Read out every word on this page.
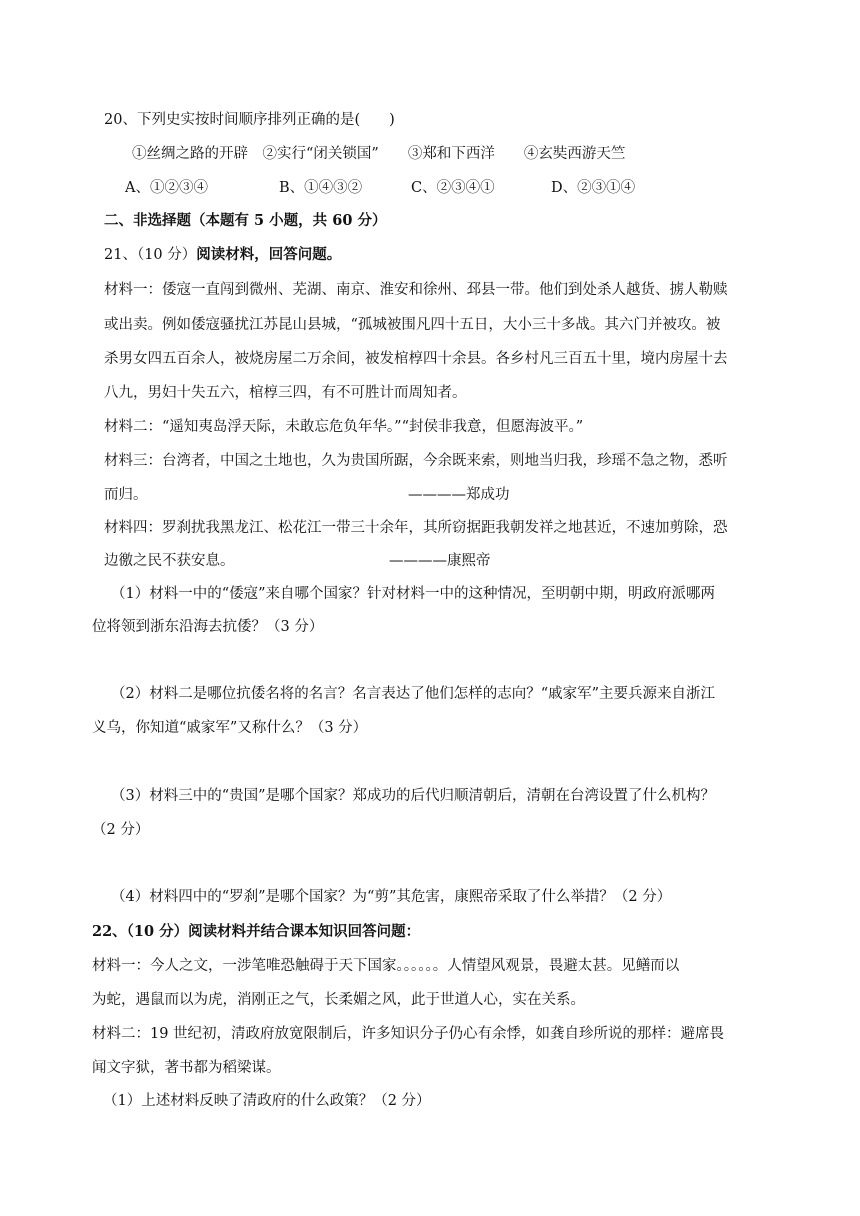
20、下列史实按时间顺序排列正确的是(　　)
①丝绸之路的开辟　②实行“闭关锁国”　　③郑和下西洋　　④玄奘西游天竺
A、①②③④	B、①④③②	C、②③④①	D、②③①④
二、非选择题（本题有 5 小题，共 60 分）
21、（10 分）阅读材料，回答问题。
材料一：倭寇一直闯到微州、芜湖、南京、淮安和徐州、邳县一带。他们到处杀人越货、掳人勒赎
或出卖。例如倭寇骚扰江苏昆山县城，“孤城被围凡四十五日，大小三十多战。其六门并被攻。被
杀男女四五百余人，被烧房屋二万余间，被发棺椁四十余县。各乡村凡三百五十里，境内房屋十去
八九，男妇十失五六，棺椁三四，有不可胜计而周知者。
材料二：“遥知夷岛浮天际，未敢忘危负年华。”“封侯非我意，但愿海波平。”
材料三：台湾者，中国之土地也，久为贵国所踞，今余既来索，则地当归我，珍瑶不急之物，悉听
而归。	————郑成功
材料四：罗刹扰我黑龙江、松花江一带三十余年，其所窃据距我朝发祥之地甚近，不速加剪除，恐
边徼之民不获安息。	————康熙帝
（1）材料一中的“倭寇”来自哪个国家？针对材料一中的这种情况，至明朝中期，明政府派哪两
位将领到浙东沿海去抗倭？（3 分）
（2）材料二是哪位抗倭名将的名言？名言表达了他们怎样的志向？“戚家军”主要兵源来自浙江
义乌，你知道“戚家军”又称什么？（3 分）
（3）材料三中的“贵国”是哪个国家？郑成功的后代归顺清朝后，清朝在台湾设置了什么机构？
（2 分）
（4）材料四中的“罗刹”是哪个国家？为“剪”其危害，康熙帝采取了什么举措？（2 分）
22、（10 分）阅读材料并结合课本知识回答问题：
材料一：今人之文，一涉笔唯恐触碍于天下国家。。。。。。人情望风观景，畏避太甚。见鳝而以
为蛇，遇鼠而以为虎，消刚正之气，长柔媚之风，此于世道人心，实在关系。
材料二：19 世纪初，清政府放宽限制后，许多知识分子仍心有余悸，如龚自珍所说的那样：避席畏
闻文字狱，著书都为稻梁谋。
（1）上述材料反映了清政府的什么政策？（2 分）
